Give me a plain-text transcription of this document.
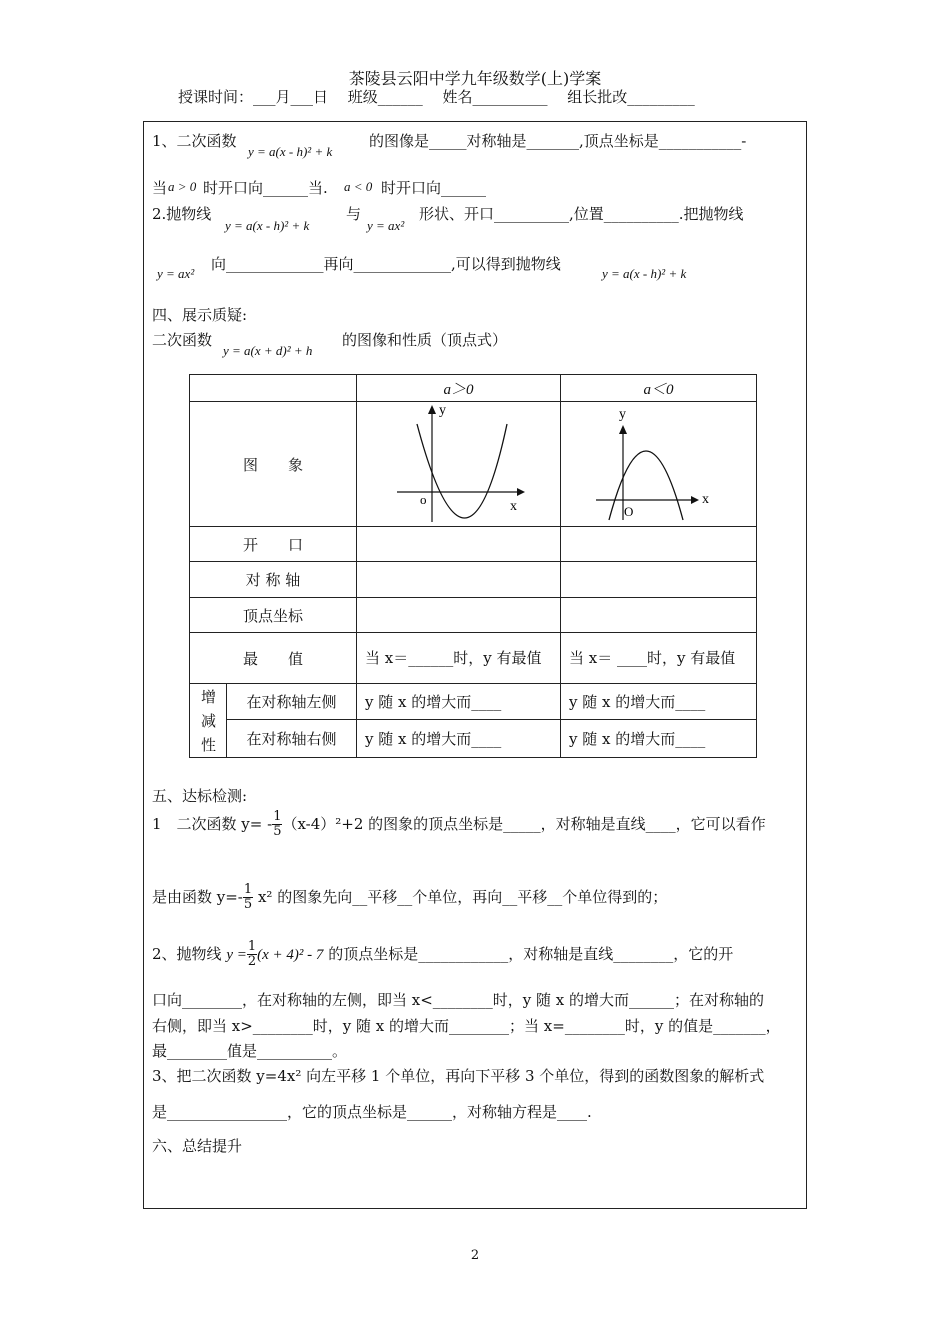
茶陵县云阳中学九年级数学(上)学案
授课时间：___月___日　 班级______　 姓名__________　 组长批改_________
1、二次函数
y = a(x - h)² + k
的图像是_____对称轴是_______,顶点坐标是___________-
当 a > 0 时开口向______当. a < 0 时开口向______
2.抛物线
y = a(x - h)² + k
与
y = ax²
形状、开口__________,位置__________.把抛物线
y = ax²
向_____________再向_____________,可以得到抛物线
y = a(x - h)² + k
四、展示质疑:
二次函数
y = a(x + d)² + h
的图像和性质（顶点式）
		a＞0	a＜0
图　　象		y
x
o	y
x
O

开　　口			
对 称 轴			
顶点坐标			
最　　值		当 x＝______时，y 有最值	当 x＝ ____时，y 有最值

增减性	在对称轴左侧	y 随 x 的增大而____	y 随 x 的增大而____
	在对称轴右侧	y 随 x 的增大而____	y 随 x 的增大而____
五、达标检测:
1　二次函数 $y= - \frac{1}{5} (x-4)^2+2$ 的图象的顶点坐标是_____，对称轴是直线____，它可以看作
是由函数 $y=- \frac{1}{5} x^2$ 的图象先向__平移__个单位，再向__平移__个单位得到的；
2、抛物线 $y = \frac{1}{2} (x + 4)^2 - 7$ 的顶点坐标是____________，对称轴是直线________，它的开
口向________，在对称轴的左侧，即当 x<________时，y 随 x 的增大而______；在对称轴的
右侧，即当 x>________时，y 随 x 的增大而________；当 x=________时，y 的值是_______，
最________值是__________。
3、把二次函数 y=4x² 向左平移 1 个单位，再向下平移 3 个单位，得到的函数图象的解析式
是________________，它的顶点坐标是______，对称轴方程是____.
六、总结提升
2
